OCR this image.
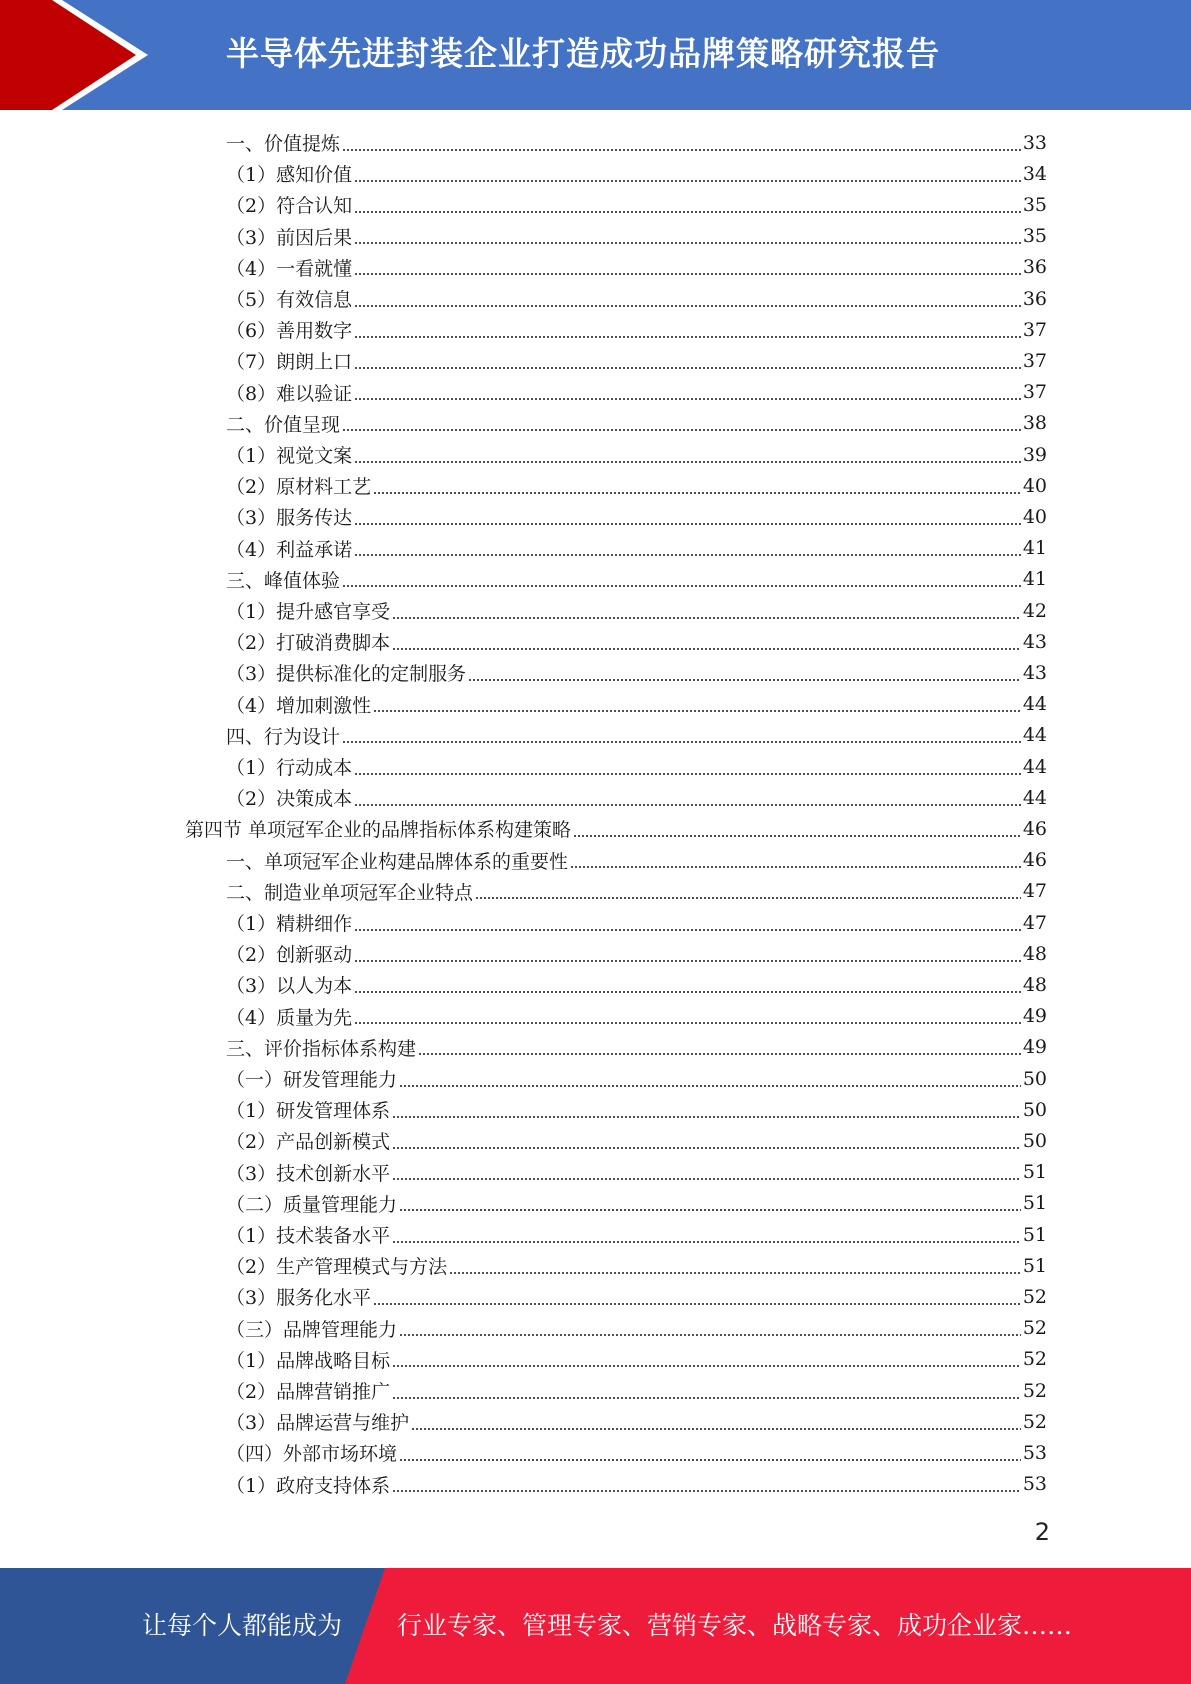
半导体先进封装企业打造成功品牌策略研究报告
一、价值提炼	33
（1）感知价值	34
（2）符合认知	35
（3）前因后果	35
（4）一看就懂	36
（5）有效信息	36
（6）善用数字	37
（7）朗朗上口	37
（8）难以验证	37
二、价值呈现	38
（1）视觉文案	39
（2）原材料工艺	40
（3）服务传达	40
（4）利益承诺	41
三、峰值体验	41
（1）提升感官享受	42
（2）打破消费脚本	43
（3）提供标准化的定制服务	43
（4）增加刺激性	44
四、行为设计	44
（1）行动成本	44
（2）决策成本	44
第四节 单项冠军企业的品牌指标体系构建策略	46
一、单项冠军企业构建品牌体系的重要性	46
二、制造业单项冠军企业特点	47
（1）精耕细作	47
（2）创新驱动	48
（3）以人为本	48
（4）质量为先	49
三、评价指标体系构建	49
（一）研发管理能力	50
（1）研发管理体系	50
（2）产品创新模式	50
（3）技术创新水平	51
（二）质量管理能力	51
（1）技术装备水平	51
（2）生产管理模式与方法	51
（3）服务化水平	52
（三）品牌管理能力	52
（1）品牌战略目标	52
（2）品牌营销推广	52
（3）品牌运营与维护	52
（四）外部市场环境	53
（1）政府支持体系	53
2
让每个人都能成为 行业专家、管理专家、营销专家、战略专家、成功企业家……
